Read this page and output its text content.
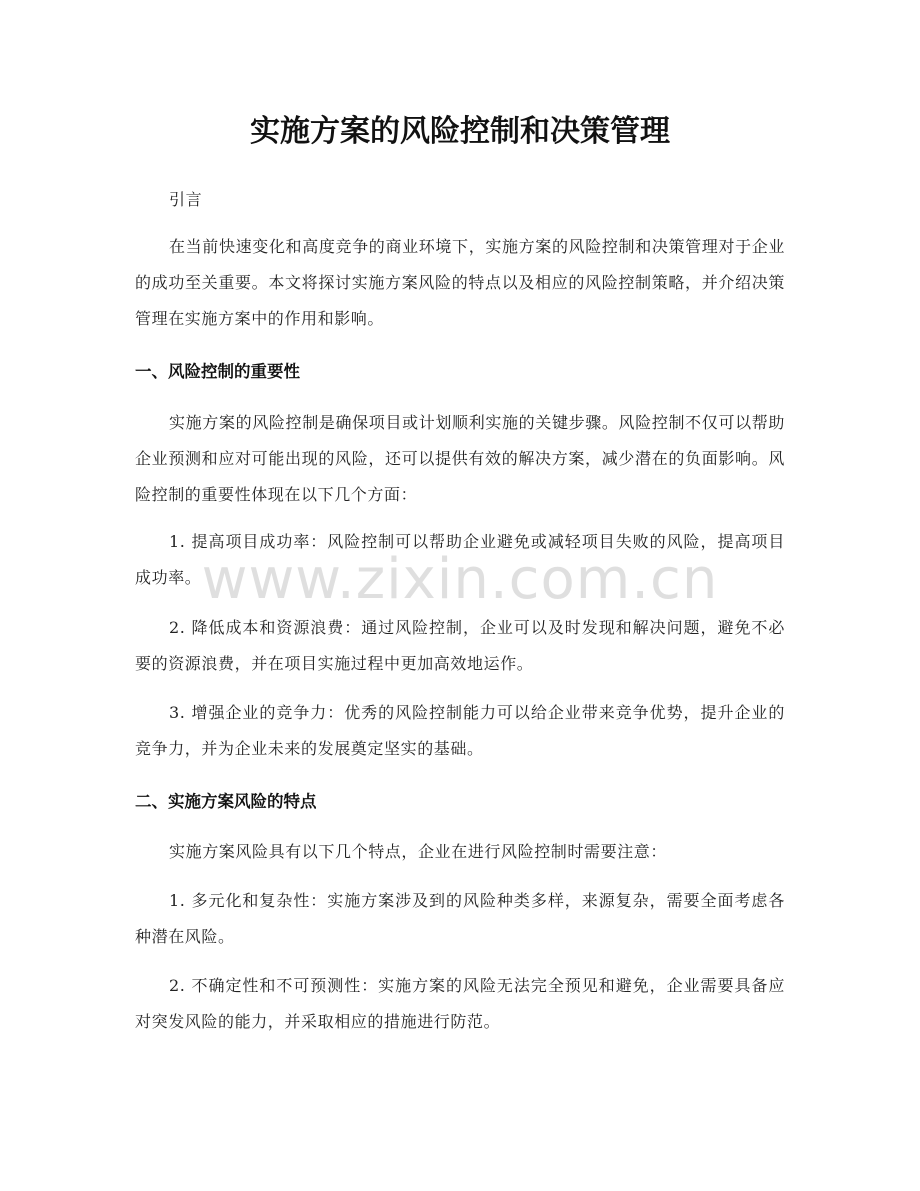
实施方案的风险控制和决策管理

引言

在当前快速变化和高度竞争的商业环境下，实施方案的风险控制和决策管理对于企业的成功至关重要。本文将探讨实施方案风险的特点以及相应的风险控制策略，并介绍决策管理在实施方案中的作用和影响。

一、风险控制的重要性

实施方案的风险控制是确保项目或计划顺利实施的关键步骤。风险控制不仅可以帮助企业预测和应对可能出现的风险，还可以提供有效的解决方案，减少潜在的负面影响。风险控制的重要性体现在以下几个方面：

1. 提高项目成功率：风险控制可以帮助企业避免或减轻项目失败的风险，提高项目成功率。

2. 降低成本和资源浪费：通过风险控制，企业可以及时发现和解决问题，避免不必要的资源浪费，并在项目实施过程中更加高效地运作。

3. 增强企业的竞争力：优秀的风险控制能力可以给企业带来竞争优势，提升企业的竞争力，并为企业未来的发展奠定坚实的基础。

二、实施方案风险的特点

实施方案风险具有以下几个特点，企业在进行风险控制时需要注意：

1. 多元化和复杂性：实施方案涉及到的风险种类多样，来源复杂，需要全面考虑各种潜在风险。

2. 不确定性和不可预测性：实施方案的风险无法完全预见和避免，企业需要具备应对突发风险的能力，并采取相应的措施进行防范。

www.zixin.com.cn
